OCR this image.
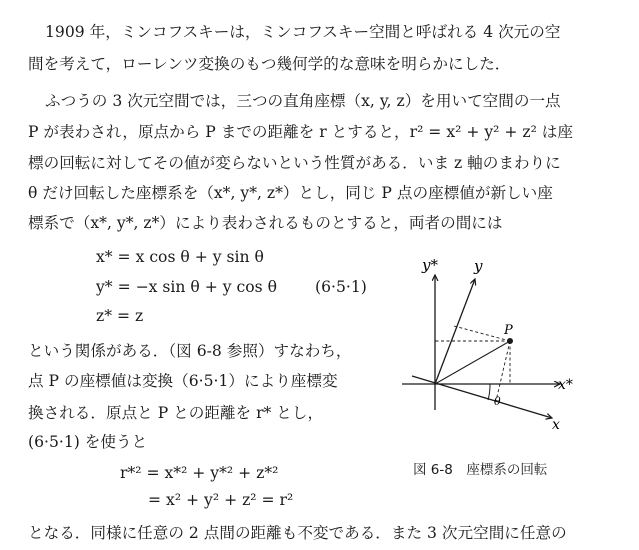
1909 年，ミンコフスキーは，ミンコフスキー空間と呼ばれる 4 次元の空
間を考えて，ローレンツ変換のもつ幾何学的な意味を明らかにした．
ふつうの 3 次元空間では，三つの直角座標（x, y, z）を用いて空間の一点
P が表わされ，原点から P までの距離を r とすると，r² = x² + y² + z² は座
標の回転に対してその値が変らないという性質がある．いま z 軸のまわりに
θ だけ回転した座標系を（x*, y*, z*）とし，同じ P 点の座標値が新しい座
標系で（x*, y*, z*）により表わされるものとすると，両者の間には
x* = x cos θ + y sin θ
y* = −x sin θ + y cos θ (6·5·1)
z* = z
という関係がある．（図 6-8 参照）すなわち，
点 P の座標値は変換（6·5·1）により座標変
換される．原点と P との距離を r* とし，
(6·5·1) を使うと
r*² = x*² + y*² + z*²
= x² + y² + z² = r²
y* y
P
x*
x
θ
図 6-8　座標系の回転
となる．同様に任意の 2 点間の距離も不変である．また 3 次元空間に任意の
